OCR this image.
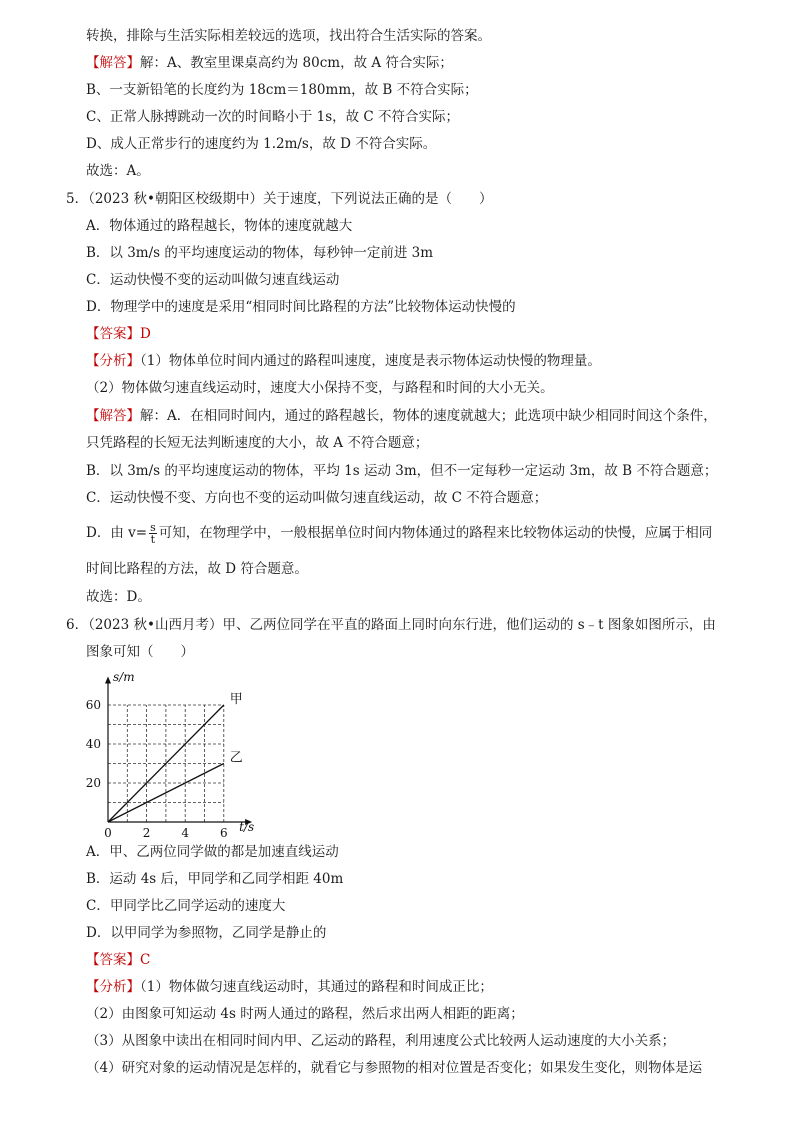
转换，排除与生活实际相差较远的选项，找出符合生活实际的答案。
【解答】解：A、教室里课桌高约为 80cm，故 A 符合实际；
B、一支新铅笔的长度约为 18cm＝180mm，故 B 不符合实际；
C、正常人脉搏跳动一次的时间略小于 1s，故 C 不符合实际；
D、成人正常步行的速度约为 1.2m/s，故 D 不符合实际。
故选：A。
5．（2023 秋•朝阳区校级期中）关于速度，下列说法正确的是（　　）
A．物体通过的路程越长，物体的速度就越大
B．以 3m/s 的平均速度运动的物体，每秒钟一定前进 3m
C．运动快慢不变的运动叫做匀速直线运动
D．物理学中的速度是采用“相同时间比路程的方法”比较物体运动快慢的
【答案】D
【分析】（1）物体单位时间内通过的路程叫速度，速度是表示物体运动快慢的物理量。
（2）物体做匀速直线运动时，速度大小保持不变，与路程和时间的大小无关。
【解答】解：A．在相同时间内，通过的路程越长，物体的速度就越大；此选项中缺少相同时间这个条件，
只凭路程的长短无法判断速度的大小，故 A 不符合题意；
B．以 3m/s 的平均速度运动的物体，平均 1s 运动 3m，但不一定每秒一定运动 3m，故 B 不符合题意；
C．运动快慢不变、方向也不变的运动叫做匀速直线运动，故 C 不符合题意；
D．由 $v= \frac{s}{t}$ 可知，在物理学中，一般根据单位时间内物体通过的路程来比较物体运动的快慢，应属于相同
时间比路程的方法，故 D 符合题意。
故选：D。
6．（2023 秋•山西月考）甲、乙两位同学在平直的路面上同时向东行进，他们运动的 s﹣t 图象如图所示，由
图象可知（　　）
甲
乙
0	2	4	6
20
40
60
s/m
t/s
A．甲、乙两位同学做的都是加速直线运动
B．运动 4s 后，甲同学和乙同学相距 40m
C．甲同学比乙同学运动的速度大
D．以甲同学为参照物，乙同学是静止的
【答案】C
【分析】（1）物体做匀速直线运动时，其通过的路程和时间成正比；
（2）由图象可知运动 4s 时两人通过的路程，然后求出两人相距的距离；
（3）从图象中读出在相同时间内甲、乙运动的路程，利用速度公式比较两人运动速度的大小关系；
（4）研究对象的运动情况是怎样的，就看它与参照物的相对位置是否变化；如果发生变化，则物体是运
